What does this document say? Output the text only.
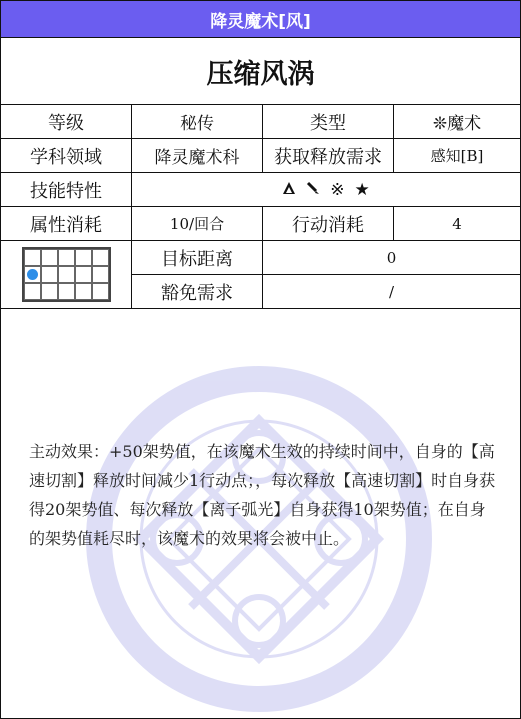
降灵魔术[风]
压缩风涡
等级	秘传	类型	❊魔术
学科领域	降灵魔术科	获取释放需求	感知[B]
技能特性	※ ★
属性消耗	10/回合	行动消耗	4
目标距离	0
豁免需求	/

主动效果：+50架势值，在该魔术生效的持续时间中，自身的【高速切割】释放时间减少1行动点；，每次释放【高速切割】时自身获得20架势值、每次释放【离子弧光】自身获得10架势值；在自身的架势值耗尽时，该魔术的效果将会被中止。
